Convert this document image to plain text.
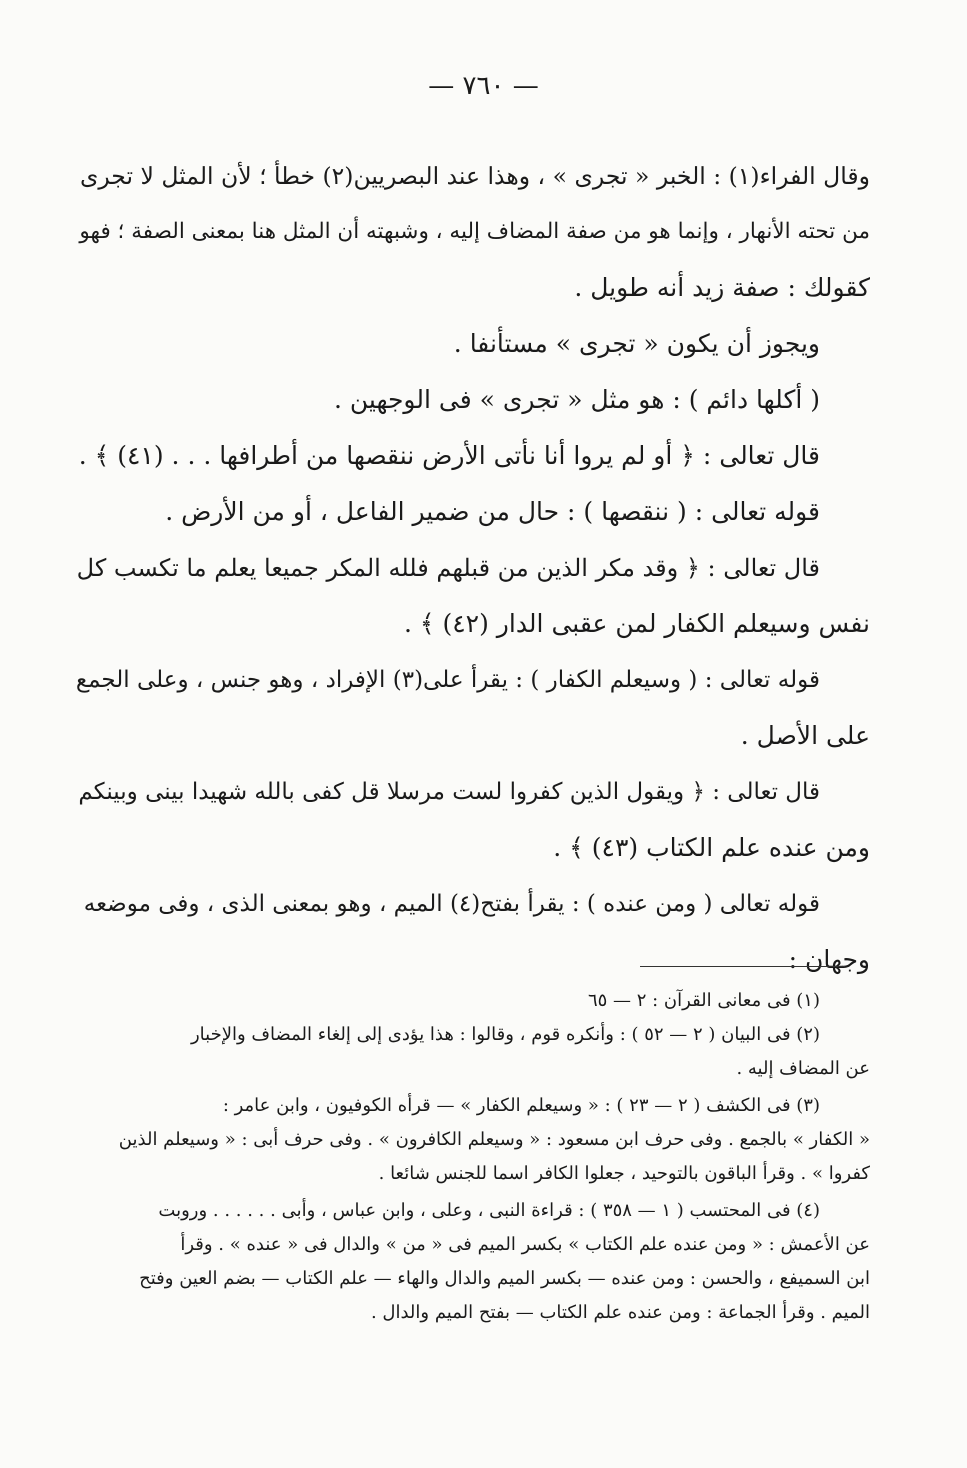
— ٧٦٠ —
وقال الفراء(١) : الخبر « تجرى » ، وهذا عند البصريين(٢) خطأ ؛ لأن المثل لا تجرى
من تحته الأنهار ، وإنما هو من صفة المضاف إليه ، وشبهته أن المثل هنا بمعنى الصفة ؛ فهو
كقولك : صفة زيد أنه طويل .
ويجوز أن يكون « تجرى » مستأنفا .
( أكلها دائم ) : هو مثل « تجرى » فى الوجهين .
قال تعالى : ﴿ أو لم يروا أنا نأتى الأرض ننقصها من أطرافها . . . (٤١) ﴾ .
قوله تعالى : ( ننقصها ) : حال من ضمير الفاعل ، أو من الأرض .
قال تعالى : ﴿ وقد مكر الذين من قبلهم فلله المكر جميعا يعلم ما تكسب كل
نفس وسيعلم الكفار لمن عقبى الدار (٤٢) ﴾ .
قوله تعالى : ( وسيعلم الكفار ) : يقرأ على(٣) الإفراد ، وهو جنس ، وعلى الجمع
على الأصل .
قال تعالى : ﴿ ويقول الذين كفروا لست مرسلا قل كفى بالله شهيدا بينى وبينكم
ومن عنده علم الكتاب (٤٣) ﴾ .
قوله تعالى ( ومن عنده ) : يقرأ بفتح(٤) الميم ، وهو بمعنى الذى ، وفى موضعه
وجهان :
(١) فى معانى القرآن : ٢ — ٦٥
(٢) فى البيان ( ٢ — ٥٢ ) : وأنكره قوم ، وقالوا : هذا يؤدى إلى إلغاء المضاف والإخبار
عن المضاف إليه .
(٣) فى الكشف ( ٢ — ٢٣ ) : « وسيعلم الكفار » — قرأه الكوفيون ، وابن عامر :
« الكفار » بالجمع . وفى حرف ابن مسعود : « وسيعلم الكافرون » . وفى حرف أبى : « وسيعلم الذين
كفروا » . وقرأ الباقون بالتوحيد ، جعلوا الكافر اسما للجنس شائعا .
(٤) فى المحتسب ( ١ — ٣٥٨ ) : قراءة النبى ، وعلى ، وابن عباس ، وأبى . . . . . . وروبت
عن الأعمش : « ومن عنده علم الكتاب » بكسر الميم فى « من » والدال فى « عنده » . وقرأ
ابن السميفع ، والحسن : ومن عنده — بكسر الميم والدال والهاء — علم الكتاب — بضم العين وفتح
الميم . وقرأ الجماعة : ومن عنده علم الكتاب — بفتح الميم والدال .
